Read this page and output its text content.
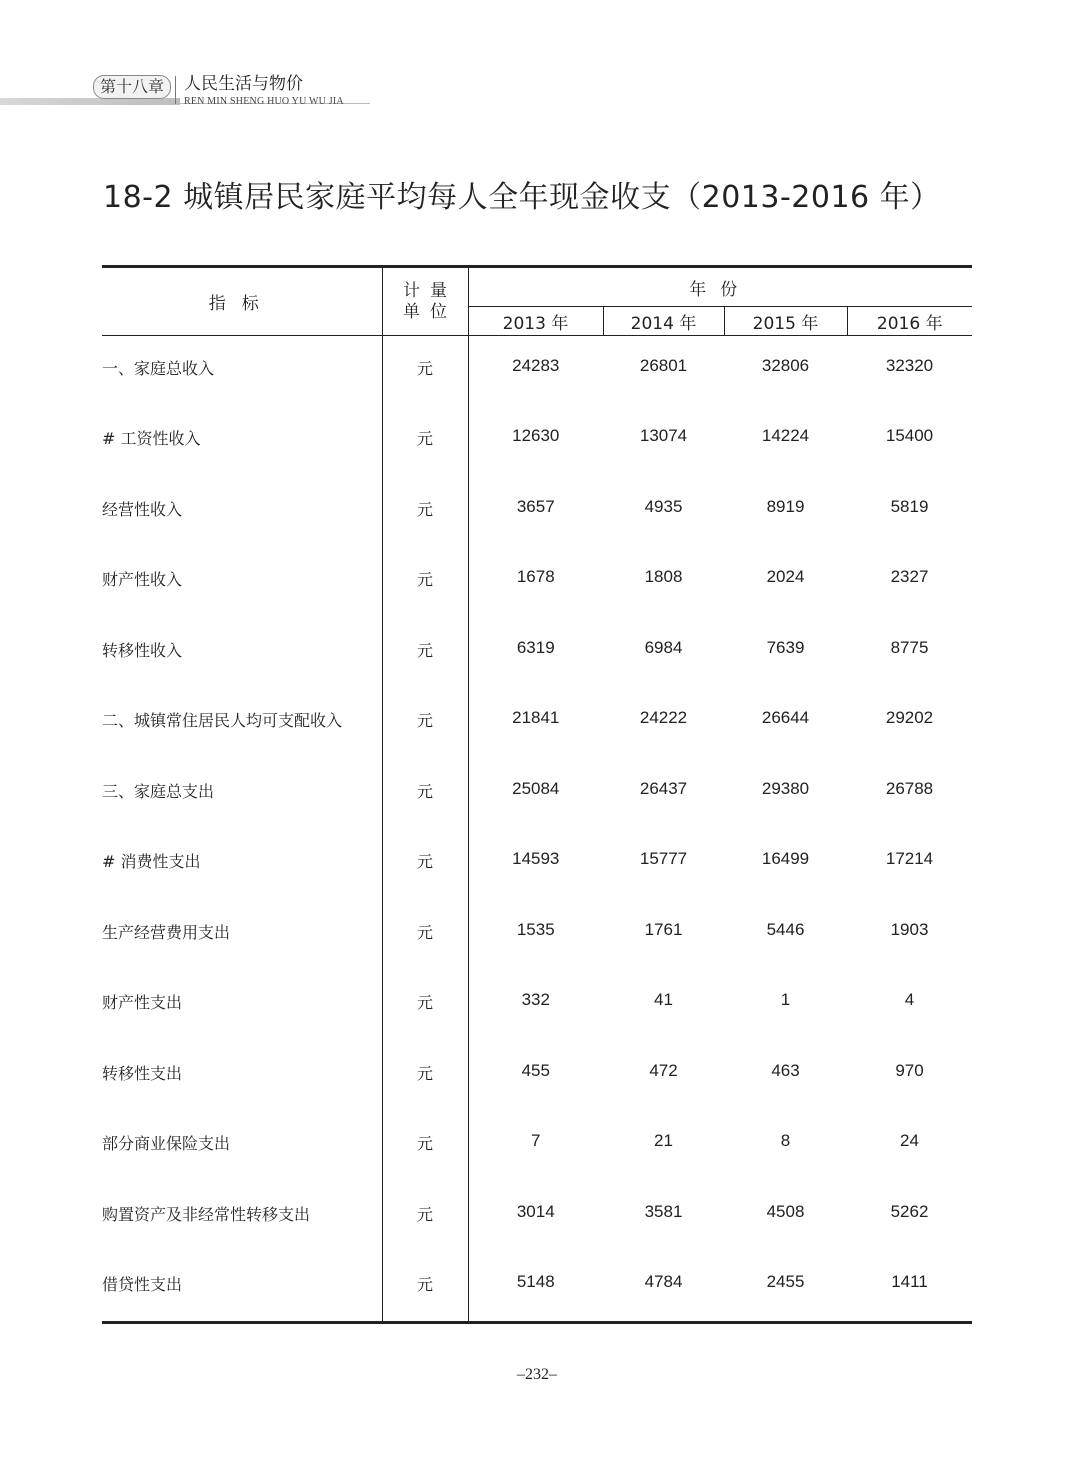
第十八章	人民生活与物价
REN MIN SHENG HUO YU WU JIA
18-2 城镇居民家庭平均每人全年现金收支（2013-2016 年）
指标	计量
单位	年份			
		2013 年	2014 年	2015 年	2016 年
一、家庭总收入	元	24283	26801	32806	32320
# 工资性收入	元	12630	13074	14224	15400
经营性收入	元	3657	4935	8919	5819
财产性收入	元	1678	1808	2024	2327
转移性收入	元	6319	6984	7639	8775
二、城镇常住居民人均可支配收入	元	21841	24222	26644	29202
三、家庭总支出	元	25084	26437	29380	26788
# 消费性支出	元	14593	15777	16499	17214
生产经营费用支出	元	1535	1761	5446	1903
财产性支出	元	332	41	1	4
转移性支出	元	455	472	463	970
部分商业保险支出	元	7	21	8	24
购置资产及非经常性转移支出	元	3014	3581	4508	5262
借贷性支出	元	5148	4784	2455	1411
–232–
